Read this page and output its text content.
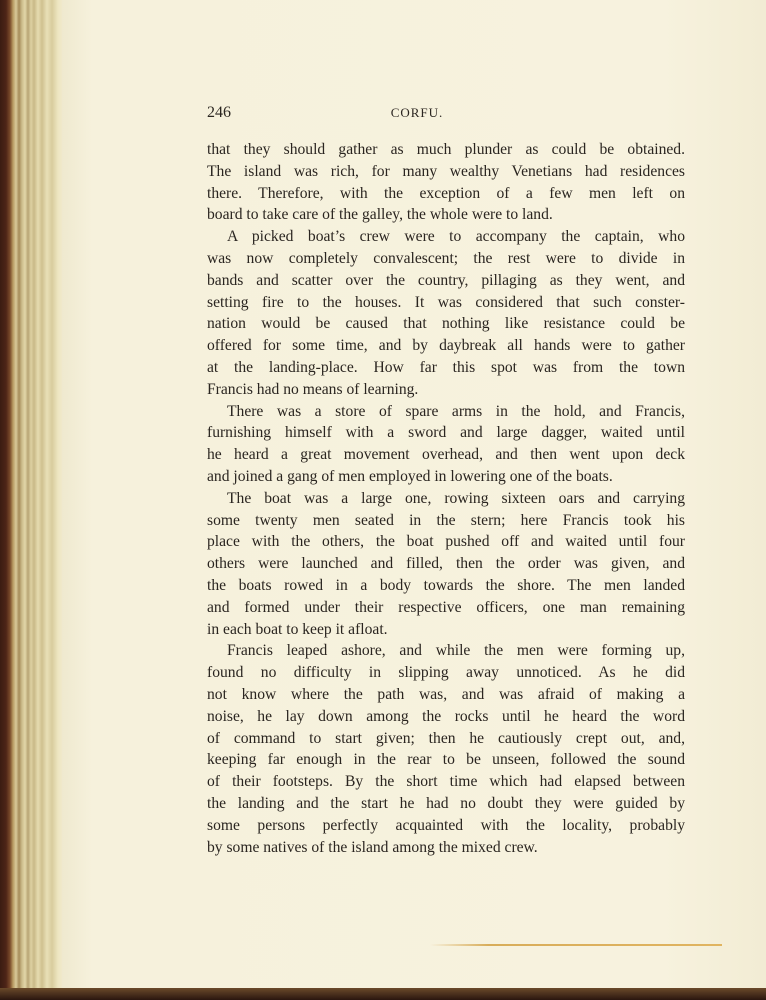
246	CORFU.
that they should gather as much plunder as could be obtained.
The island was rich, for many wealthy Venetians had residences
there. Therefore, with the exception of a few men left on
board to take care of the galley, the whole were to land.
A picked boat’s crew were to accompany the captain, who
was now completely convalescent; the rest were to divide in
bands and scatter over the country, pillaging as they went, and
setting fire to the houses. It was considered that such conster-
nation would be caused that nothing like resistance could be
offered for some time, and by daybreak all hands were to gather
at the landing-place. How far this spot was from the town
Francis had no means of learning.
There was a store of spare arms in the hold, and Francis,
furnishing himself with a sword and large dagger, waited until
he heard a great movement overhead, and then went upon deck
and joined a gang of men employed in lowering one of the boats.
The boat was a large one, rowing sixteen oars and carrying
some twenty men seated in the stern; here Francis took his
place with the others, the boat pushed off and waited until four
others were launched and filled, then the order was given, and
the boats rowed in a body towards the shore. The men landed
and formed under their respective officers, one man remaining
in each boat to keep it afloat.
Francis leaped ashore, and while the men were forming up,
found no difficulty in slipping away unnoticed. As he did
not know where the path was, and was afraid of making a
noise, he lay down among the rocks until he heard the word
of command to start given; then he cautiously crept out, and,
keeping far enough in the rear to be unseen, followed the sound
of their footsteps. By the short time which had elapsed between
the landing and the start he had no doubt they were guided by
some persons perfectly acquainted with the locality, probably
by some natives of the island among the mixed crew.
